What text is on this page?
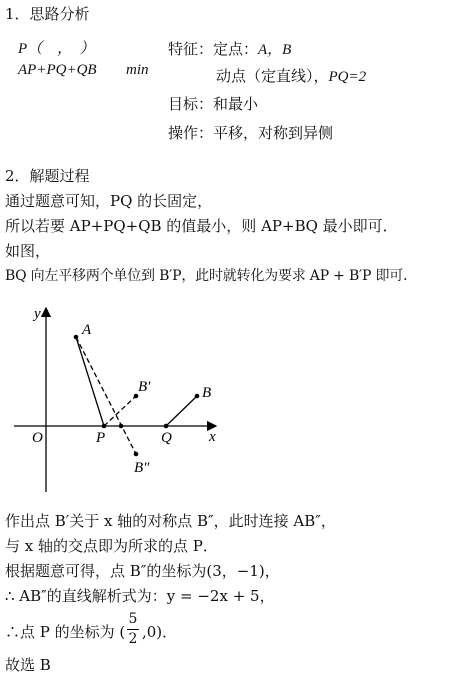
1．思路分析
P（　，　）
AP+PQ+QB min
特征：定点：A，B
动点（定直线），PQ=2
目标：和最小
操作：平移，对称到异侧
2．解题过程
通过题意可知，PQ 的长固定，
所以若要 AP+PQ+QB 的值最小，则 AP+BQ 最小即可．
如图，
BQ 向左平移两个单位到 B′P，此时就转化为要求 AP + B′P 即可．
y
x
O
A
B
B′
B″
P	Q
作出点 B′关于 x 轴的对称点 B″，此时连接 AB″，
与 x 轴的交点即为所求的点 P．
根据题意可得，点 B″的坐标为(3，−1)，
∴ AB″的直线解析式为：y = −2x + 5，
∴点 P 的坐标为 (
5
2 ,0)．
故选 B
